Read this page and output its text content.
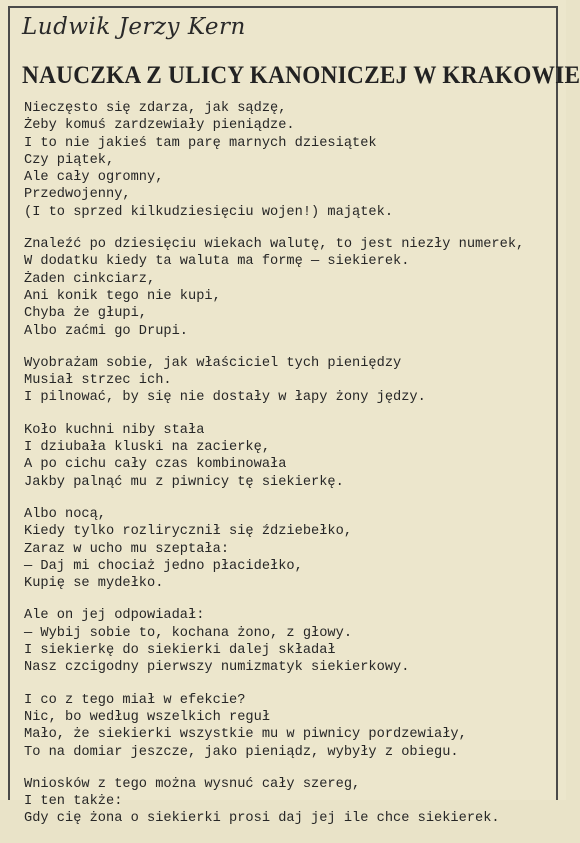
Ludwik Jerzy Kern
NAUCZKA Z ULICY KANONICZEJ W KRAKOWIE
Nieczęsto się zdarza, jak sądzę,
Żeby komuś zardzewiały pieniądze.
I to nie jakieś tam parę marnych dziesiątek
Czy piątek,
Ale cały ogromny,
Przedwojenny,
(I to sprzed kilkudziesięciu wojen!) majątek.
Znaleźć po dziesięciu wiekach walutę, to jest niezły numerek,
W dodatku kiedy ta waluta ma formę — siekierek.
Żaden cinkciarz,
Ani konik tego nie kupi,
Chyba że głupi,
Albo zaćmi go Drupi.
Wyobrażam sobie, jak właściciel tych pieniędzy
Musiał strzec ich.
I pilnować, by się nie dostały w łapy żony jędzy.
Koło kuchni niby stała
I dziubała kluski na zacierkę,
A po cichu cały czas kombinowała
Jakby palnąć mu z piwnicy tę siekierkę.
Albo nocą,
Kiedy tylko rozlirycznił się ździebełko,
Zaraz w ucho mu szeptała:
— Daj mi chociaż jedno płacidełko,
Kupię se mydełko.
Ale on jej odpowiadał:
— Wybij sobie to, kochana żono, z głowy.
I siekierkę do siekierki dalej składał
Nasz czcigodny pierwszy numizmatyk siekierkowy.
I co z tego miał w efekcie?
Nic, bo według wszelkich reguł
Mało, że siekierki wszystkie mu w piwnicy pordzewiały,
To na domiar jeszcze, jako pieniądz, wybyły z obiegu.
Wniosków z tego można wysnuć cały szereg,
I ten także:
Gdy cię żona o siekierki prosi daj jej ile chce siekierek.
